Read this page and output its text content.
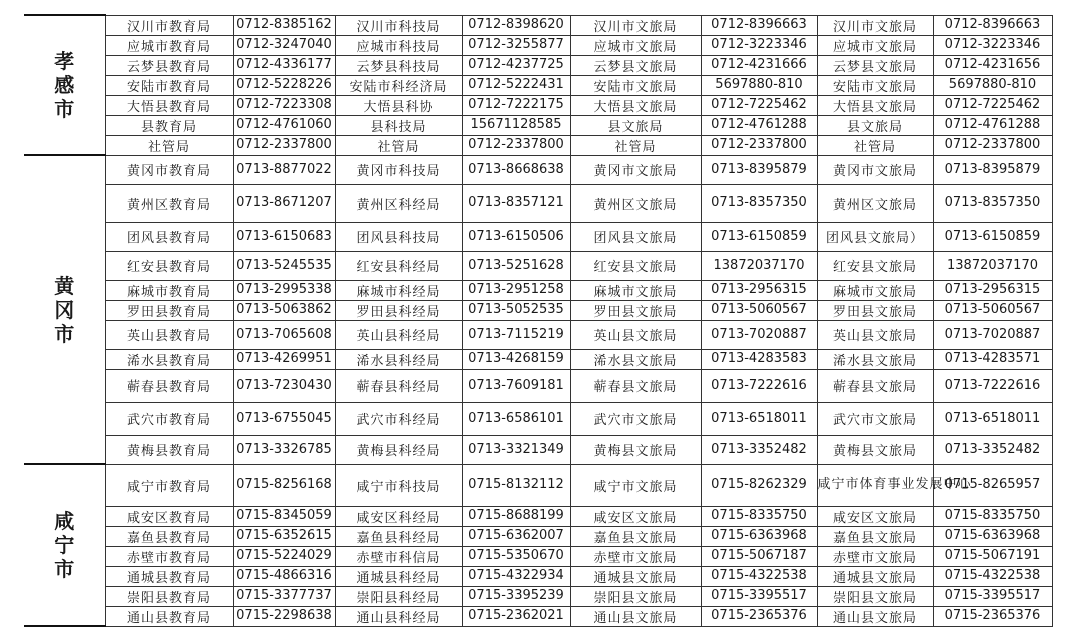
孝感市	汉川市教育局	0712-8385162	汉川市科技局	0712-8398620	汉川市文旅局	0712-8396663	汉川市文旅局	0712-8396663
	应城市教育局	0712-3247040	应城市科技局	0712-3255877	应城市文旅局	0712-3223346	应城市文旅局	0712-3223346
	云梦县教育局	0712-4336177	云梦县科技局	0712-4237725	云梦县文旅局	0712-4231666	云梦县文旅局	0712-4231656
	安陆市教育局	0712-5228226	安陆市科经济局	0712-5222431	安陆市文旅局	5697880-810	安陆市文旅局	5697880-810
	大悟县教育局	0712-7223308	大悟县科协	0712-7222175	大悟县文旅局	0712-7225462	大悟县文旅局	0712-7225462
	县教育局	0712-4761060	县科技局	15671128585	县文旅局	0712-4761288	县文旅局	0712-4761288
	社管局	0712-2337800	社管局	0712-2337800	社管局	0712-2337800	社管局	0712-2337800
黄冈市	黄冈市教育局	0713-8877022	黄冈市科技局	0713-8668638	黄冈市文旅局	0713-8395879	黄冈市文旅局	0713-8395879
	黄州区教育局	0713-8671207	黄州区科经局	0713-8357121	黄州区文旅局	0713-8357350	黄州区文旅局	0713-8357350
	团风县教育局	0713-6150683	团风县科技局	0713-6150506	团风县文旅局	0713-6150859	团风县文旅局）	0713-6150859
	红安县教育局	0713-5245535	红安县科经局	0713-5251628	红安县文旅局	13872037170	红安县文旅局	13872037170
	麻城市教育局	0713-2995338	麻城市科经局	0713-2951258	麻城市文旅局	0713-2956315	麻城市文旅局	0713-2956315
	罗田县教育局	0713-5063862	罗田县科经局	0713-5052535	罗田县文旅局	0713-5060567	罗田县文旅局	0713-5060567
	英山县教育局	0713-7065608	英山县科经局	0713-7115219	英山县文旅局	0713-7020887	英山县文旅局	0713-7020887
	浠水县教育局	0713-4269951	浠水县科经局	0713-4268159	浠水县文旅局	0713-4283583	浠水县文旅局	0713-4283571
	蕲春县教育局	0713-7230430	蕲春县科经局	0713-7609181	蕲春县文旅局	0713-7222616	蕲春县文旅局	0713-7222616
	武穴市教育局	0713-6755045	武穴市科经局	0713-6586101	武穴市文旅局	0713-6518011	武穴市文旅局	0713-6518011
	黄梅县教育局	0713-3326785	黄梅县科经局	0713-3321349	黄梅县文旅局	0713-3352482	黄梅县文旅局	0713-3352482
咸宁市	咸宁市教育局	0715-8256168	咸宁市科技局	0715-8132112	咸宁市文旅局	0715-8262329	咸宁市体育事业发展中心	0715-8265957
	咸安区教育局	0715-8345059	咸安区科经局	0715-8688199	咸安区文旅局	0715-8335750	咸安区文旅局	0715-8335750
	嘉鱼县教育局	0715-6352615	嘉鱼县科经局	0715-6362007	嘉鱼县文旅局	0715-6363968	嘉鱼县文旅局	0715-6363968
	赤壁市教育局	0715-5224029	赤壁市科信局	0715-5350670	赤壁市文旅局	0715-5067187	赤壁市文旅局	0715-5067191
	通城县教育局	0715-4866316	通城县科经局	0715-4322934	通城县文旅局	0715-4322538	通城县文旅局	0715-4322538
	崇阳县教育局	0715-3377737	崇阳县科经局	0715-3395239	崇阳县文旅局	0715-3395517	崇阳县文旅局	0715-3395517
	通山县教育局	0715-2298638	通山县科经局	0715-2362021	通山县文旅局	0715-2365376	通山县文旅局	0715-2365376
